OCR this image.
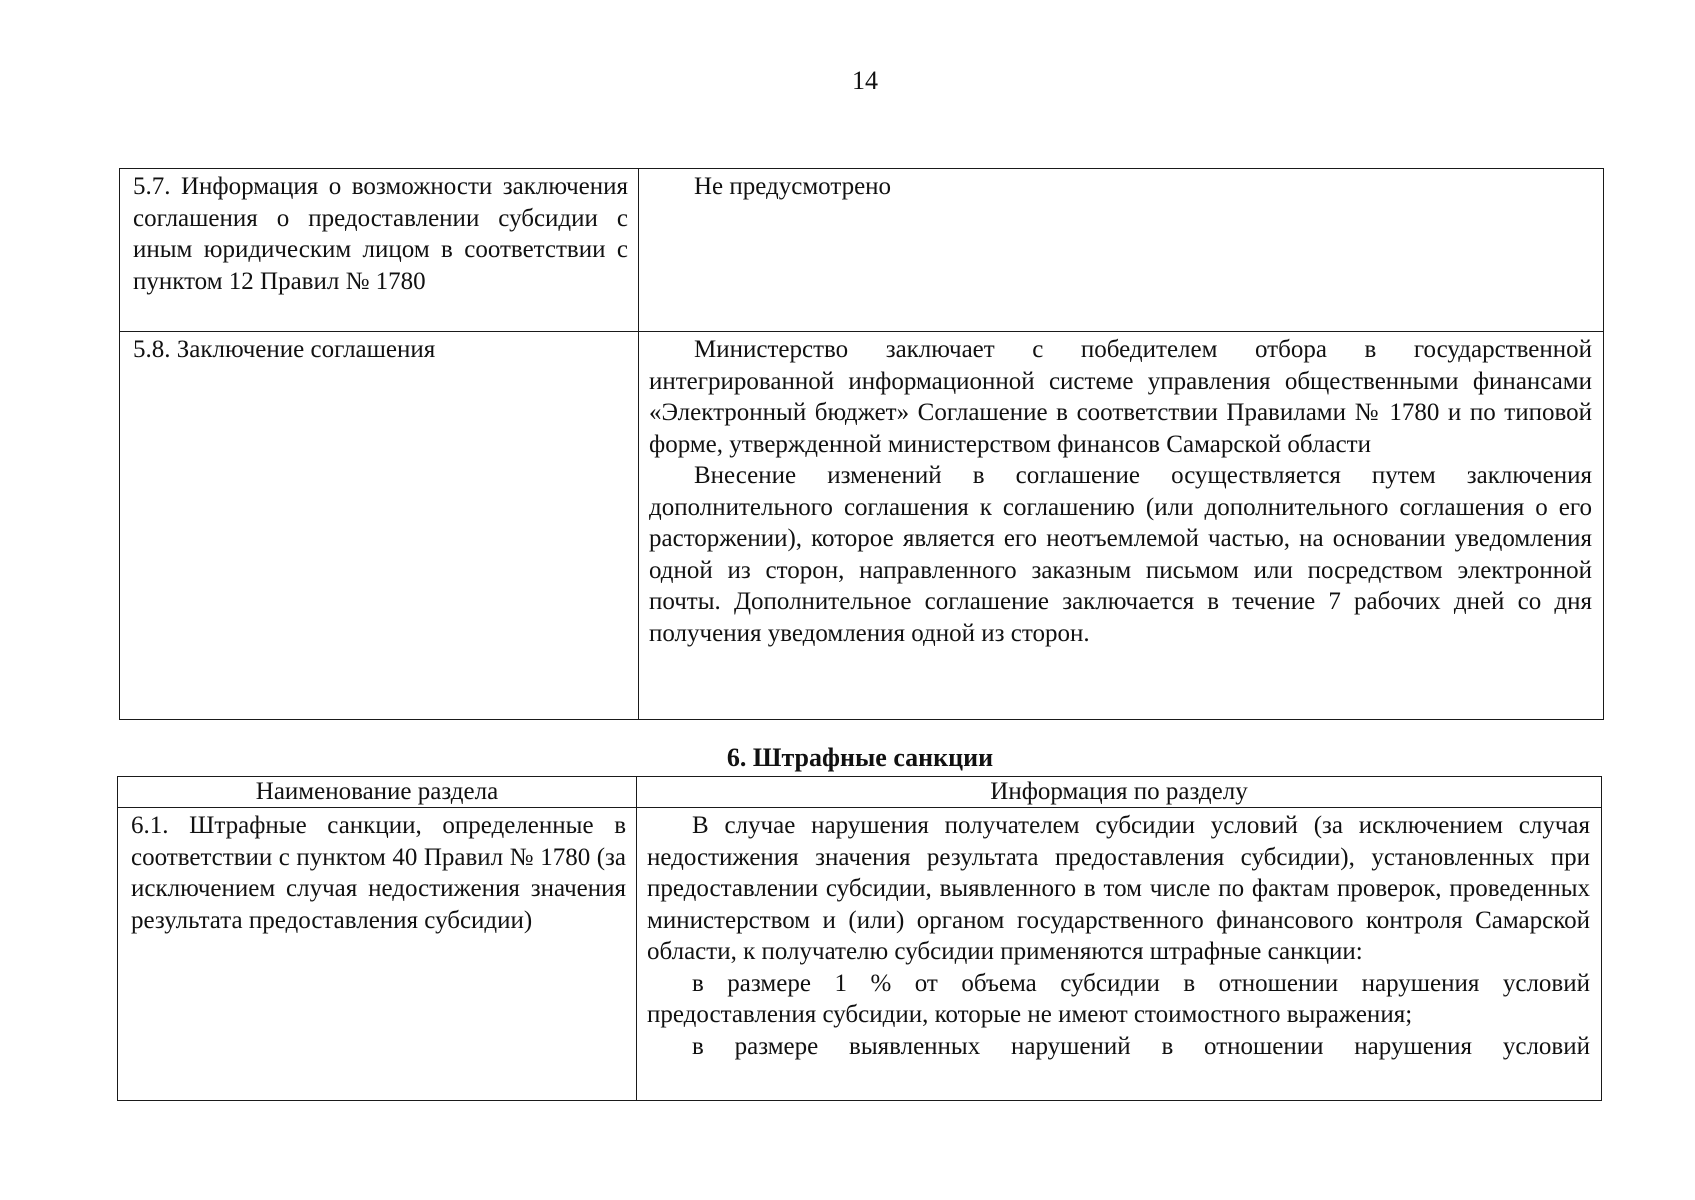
14
5.7. Информация о возможности заключения соглашения о предоставлении субсидии с иным юридическим лицом в соответствии с пунктом 12 Правил № 1780	Не предусмотрено

5.8. Заключение соглашения	Министерство заключает с победителем отбора в государственной интегрированной информационной системе управления общественными финансами «Электронный бюджет» Соглашение в соответствии Правилами № 1780 и по типовой форме, утвержденной министерством финансов Самарской области

Внесение изменений в соглашение осуществляется путем заключения дополнительного соглашения к соглашению (или дополнительного соглашения о его расторжении), которое является его неотъемлемой частью, на основании уведомления одной из сторон, направленного заказным письмом или посредством электронной почты. Дополнительное соглашение заключается в течение 7 рабочих дней со дня получения уведомления одной из сторон.

6. Штрафные санкции
Наименование раздела	Информация по разделу
6.1. Штрафные санкции, определенные в соответствии с пунктом 40 Правил № 1780 (за исключением случая недостижения значения результата предоставления субсидии)	В случае нарушения получателем субсидии условий (за исключением случая недостижения значения результата предоставления субсидии), установленных при предоставлении субсидии, выявленного в том числе по фактам проверок, проведенных министерством и (или) органом государственного финансового контроля Самарской области, к получателю субсидии применяются штрафные санкции:

в размере 1 % от объема субсидии в отношении нарушения условий предоставления субсидии, которые не имеют стоимостного выражения;

в размере выявленных нарушений в отношении нарушения условий
